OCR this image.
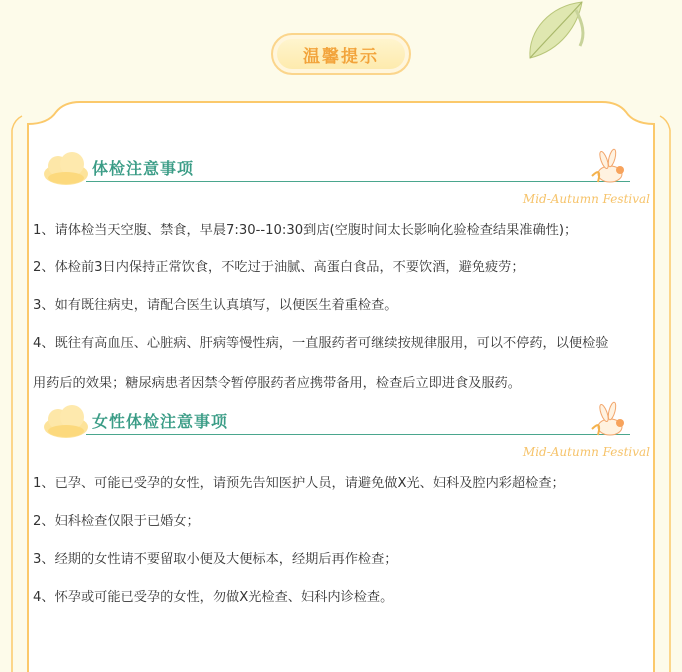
温馨提示
体检注意事项
Mid-Autumn Festival
1、请体检当天空腹、禁食，早晨7:30--10:30到店(空腹时间太长影响化验检查结果准确性)；
2、体检前3日内保持正常饮食，不吃过于油腻、高蛋白食品，不要饮酒，避免疲劳；
3、如有既往病史，请配合医生认真填写，以便医生着重检查。
4、既往有高血压、心脏病、肝病等慢性病，一直服药者可继续按规律服用，可以不停药，以便检验
用药后的效果；糖尿病患者因禁令暂停服药者应携带备用，检查后立即进食及服药。
女性体检注意事项
Mid-Autumn Festival
1、已孕、可能已受孕的女性，请预先告知医护人员，请避免做X光、妇科及腔内彩超检查；
2、妇科检查仅限于已婚女；
3、经期的女性请不要留取小便及大便标本，经期后再作检查；
4、怀孕或可能已受孕的女性，勿做X光检查、妇科内诊检查。
